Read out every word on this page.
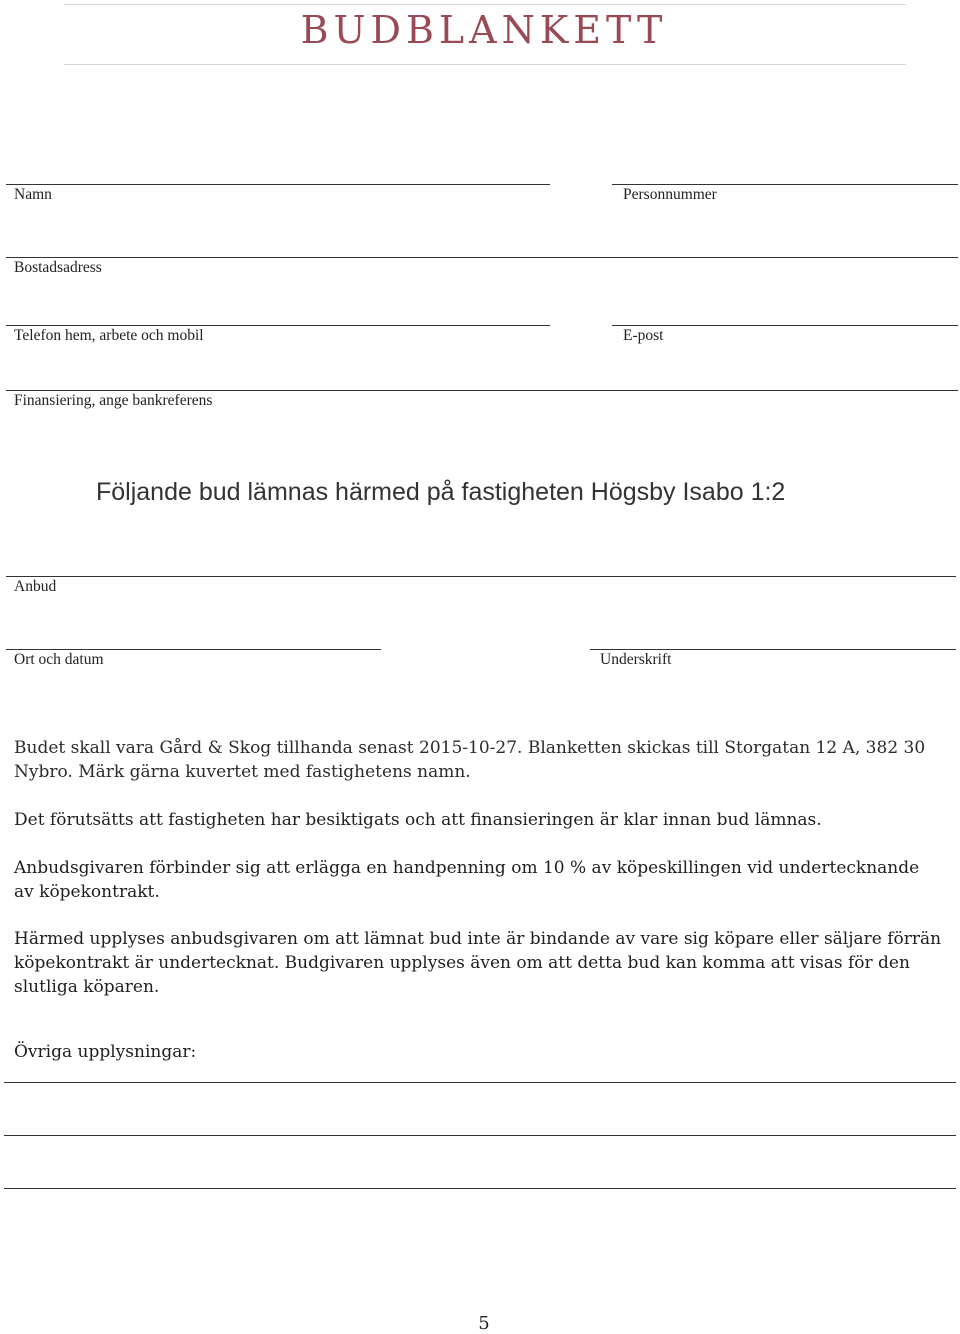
BUDBLANKETT
Namn	Personnummer
Bostadsadress
Telefon hem, arbete och mobil	E-post
Finansiering, ange bankreferens
Följande bud lämnas härmed på fastigheten Högsby Isabo 1:2
Anbud
Ort och datum	Underskrift
Budet skall vara Gård & Skog tillhanda senast 2015-10-27. Blanketten skickas till Storgatan 12 A, 382 30 Nybro. Märk gärna kuvertet med fastighetens namn.
Det förutsätts att fastigheten har besiktigats och att finansieringen är klar innan bud lämnas.
Anbudsgivaren förbinder sig att erlägga en handpenning om 10 % av köpeskillingen vid undertecknande av köpekontrakt.
Härmed upplyses anbudsgivaren om att lämnat bud inte är bindande av vare sig köpare eller säljare förrän köpekontrakt är undertecknat. Budgivaren upplyses även om att detta bud kan komma att visas för den slutliga köparen.
Övriga upplysningar:
5
